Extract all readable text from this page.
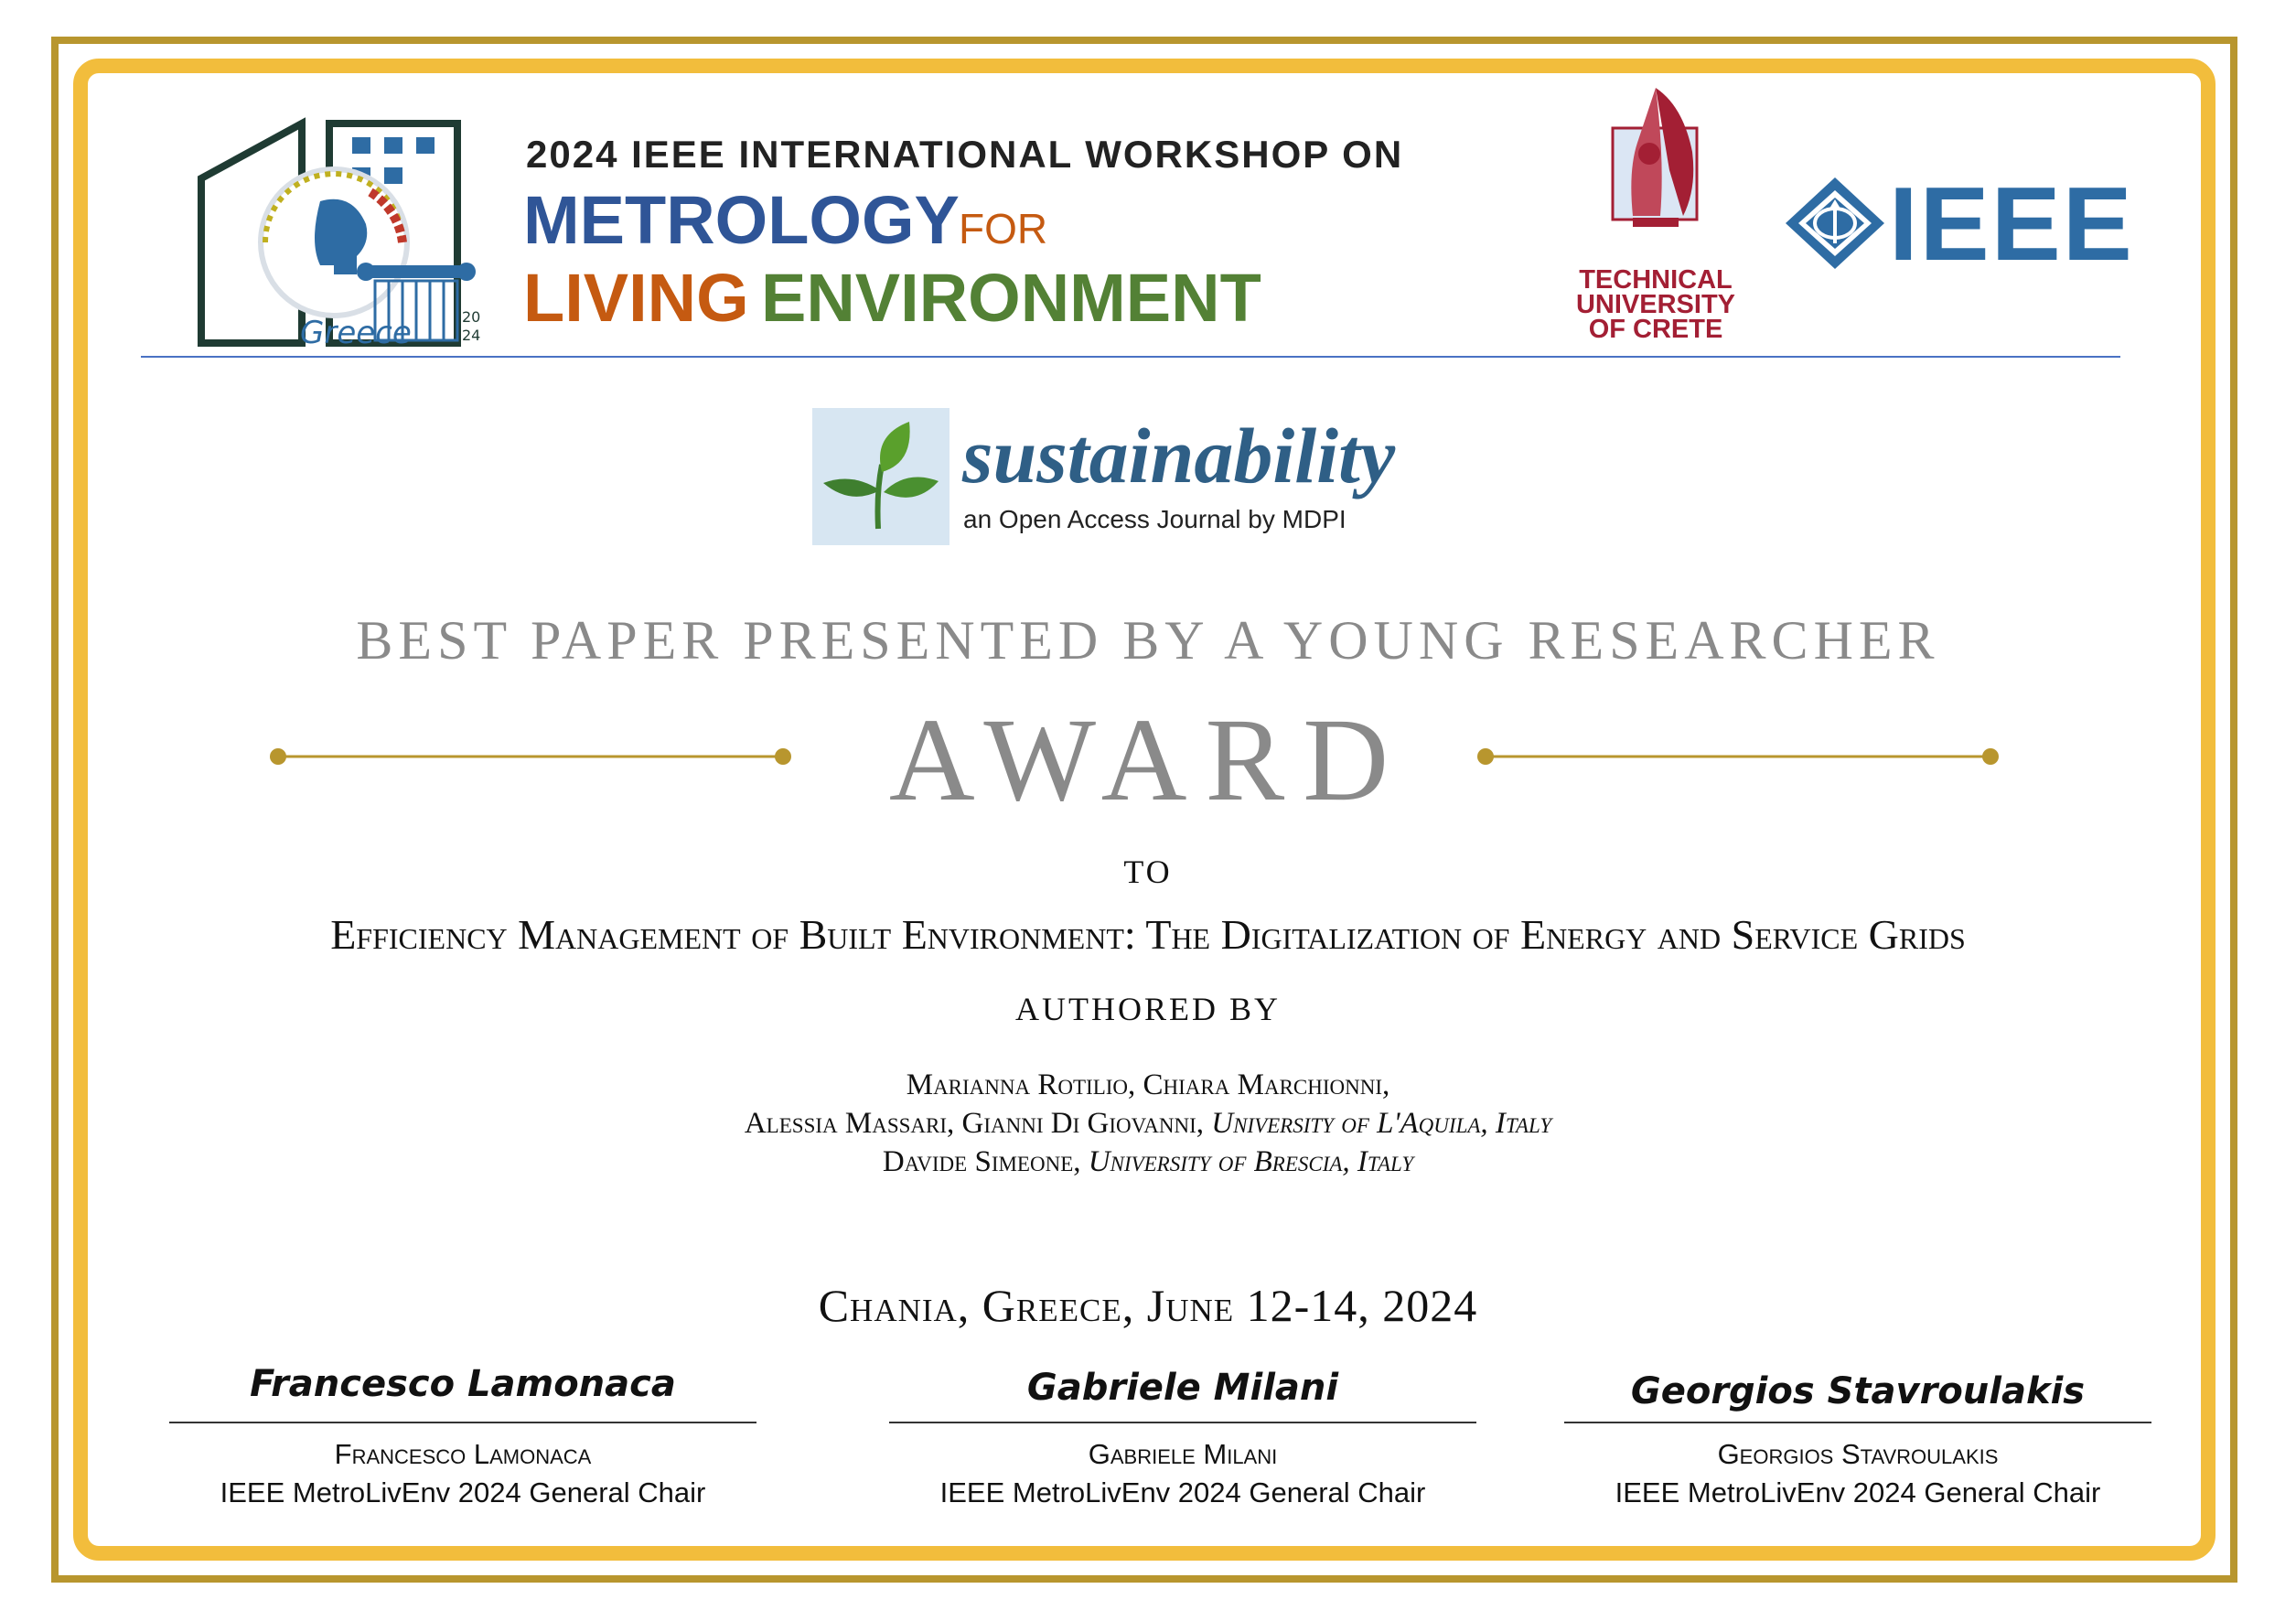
Greece	20
24
2024 IEEE INTERNATIONAL WORKSHOP ON
METROLOGY FOR
LIVING ENVIRONMENT	TECHNICAL
UNIVERSITY
OF CRETE
IEEE
sustainability
an Open Access Journal by MDPI
BEST PAPER PRESENTED BY A YOUNG RESEARCHER
AWARD
TO
Efficiency Management of Built Environment: The Digitalization of Energy and Service Grids
AUTHORED BY
Marianna Rotilio, Chiara Marchionni,
Alessia Massari, Gianni Di Giovanni, University of L'Aquila, Italy
Davide Simeone, University of Brescia, Italy
Chania, Greece, June 12-14, 2024
Francesco Lamonaca
Francesco Lamonaca
IEEE MetroLivEnv 2024 General Chair
Gabriele Milani
Gabriele Milani
IEEE MetroLivEnv 2024 General Chair
Georgios Stavroulakis
Georgios Stavroulakis
IEEE MetroLivEnv 2024 General Chair
